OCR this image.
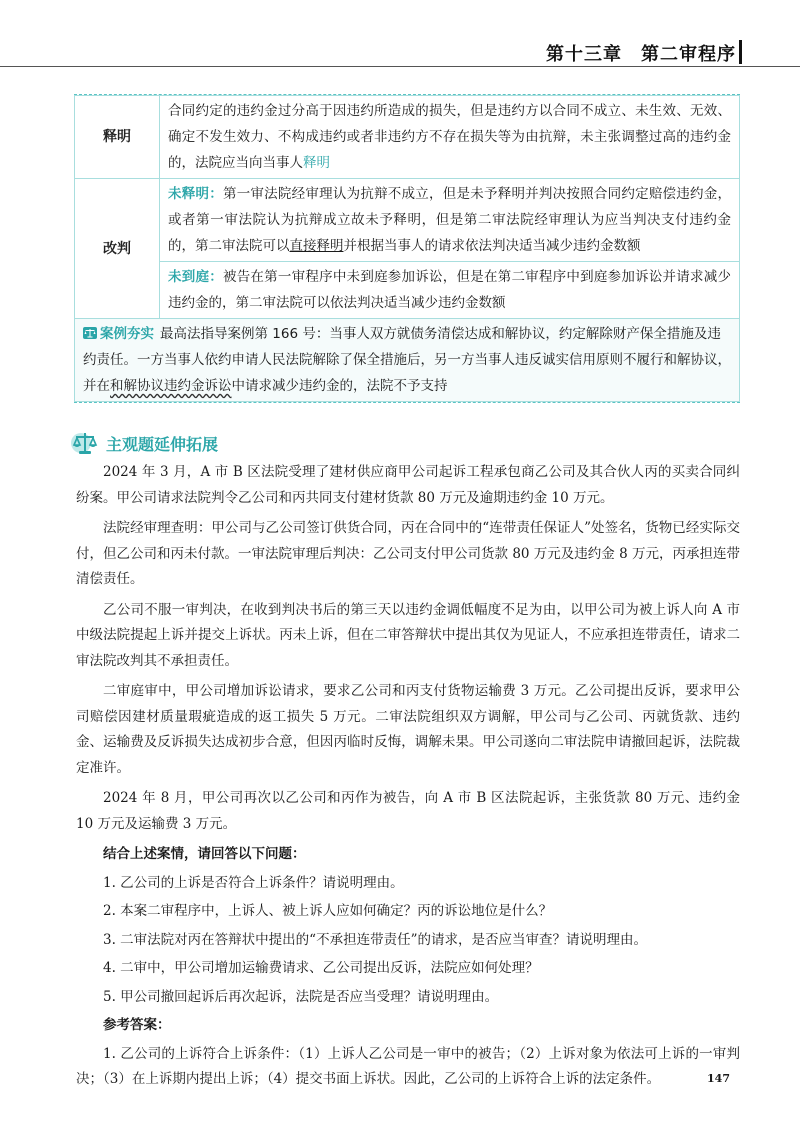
第十三章　第二审程序
释明	合同约定的违约金过分高于因违约所造成的损失，但是违约方以合同不成立、未生效、无效、确定不发生效力、不构成违约或者非违约方不存在损失等为由抗辩，未主张调整过高的违约金的，法院应当向当事人释明
改判	未释明：第一审法院经审理认为抗辩不成立，但是未予释明并判决按照合同约定赔偿违约金，或者第一审法院认为抗辩成立故未予释明，但是第二审法院经审理认为应当判决支付违约金的，第二审法院可以直接释明并根据当事人的请求依法判决适当减少违约金数额
	未到庭：被告在第一审程序中未到庭参加诉讼，但是在第二审程序中到庭参加诉讼并请求减少违约金的，第二审法院可以依法判决适当减少违约金数额
案例夯实 最高法指导案例第 166 号：当事人双方就债务清偿达成和解协议，约定解除财产保全措施及违约责任。一方当事人依约申请人民法院解除了保全措施后，另一方当事人违反诚实信用原则不履行和解协议，并在和解协议违约金诉讼中请求减少违约金的，法院不予支持
主观题延伸拓展

2024 年 3 月，A 市 B 区法院受理了建材供应商甲公司起诉工程承包商乙公司及其合伙人丙的买卖合同纠纷案。甲公司请求法院判令乙公司和丙共同支付建材货款 80 万元及逾期违约金 10 万元。

法院经审理查明：甲公司与乙公司签订供货合同，丙在合同中的“连带责任保证人”处签名，货物已经实际交付，但乙公司和丙未付款。一审法院审理后判决：乙公司支付甲公司货款 80 万元及违约金 8 万元，丙承担连带清偿责任。

乙公司不服一审判决，在收到判决书后的第三天以违约金调低幅度不足为由，以甲公司为被上诉人向 A 市中级法院提起上诉并提交上诉状。丙未上诉，但在二审答辩状中提出其仅为见证人，不应承担连带责任，请求二审法院改判其不承担责任。

二审庭审中，甲公司增加诉讼请求，要求乙公司和丙支付货物运输费 3 万元。乙公司提出反诉，要求甲公司赔偿因建材质量瑕疵造成的返工损失 5 万元。二审法院组织双方调解，甲公司与乙公司、丙就货款、违约金、运输费及反诉损失达成初步合意，但因丙临时反悔，调解未果。甲公司遂向二审法院申请撤回起诉，法院裁定准许。

2024 年 8 月，甲公司再次以乙公司和丙作为被告，向 A 市 B 区法院起诉，主张货款 80 万元、违约金 10 万元及运输费 3 万元。

结合上述案情，请回答以下问题：
1. 乙公司的上诉是否符合上诉条件？请说明理由。
2. 本案二审程序中，上诉人、被上诉人应如何确定？丙的诉讼地位是什么？
3. 二审法院对丙在答辩状中提出的“不承担连带责任”的请求，是否应当审查？请说明理由。
4. 二审中，甲公司增加运输费请求、乙公司提出反诉，法院应如何处理？
5. 甲公司撤回起诉后再次起诉，法院是否应当受理？请说明理由。
参考答案：

1. 乙公司的上诉符合上诉条件：（1）上诉人乙公司是一审中的被告；（2）上诉对象为依法可上诉的一审判决；（3）在上诉期内提出上诉；（4）提交书面上诉状。因此，乙公司的上诉符合上诉的法定条件。	147
